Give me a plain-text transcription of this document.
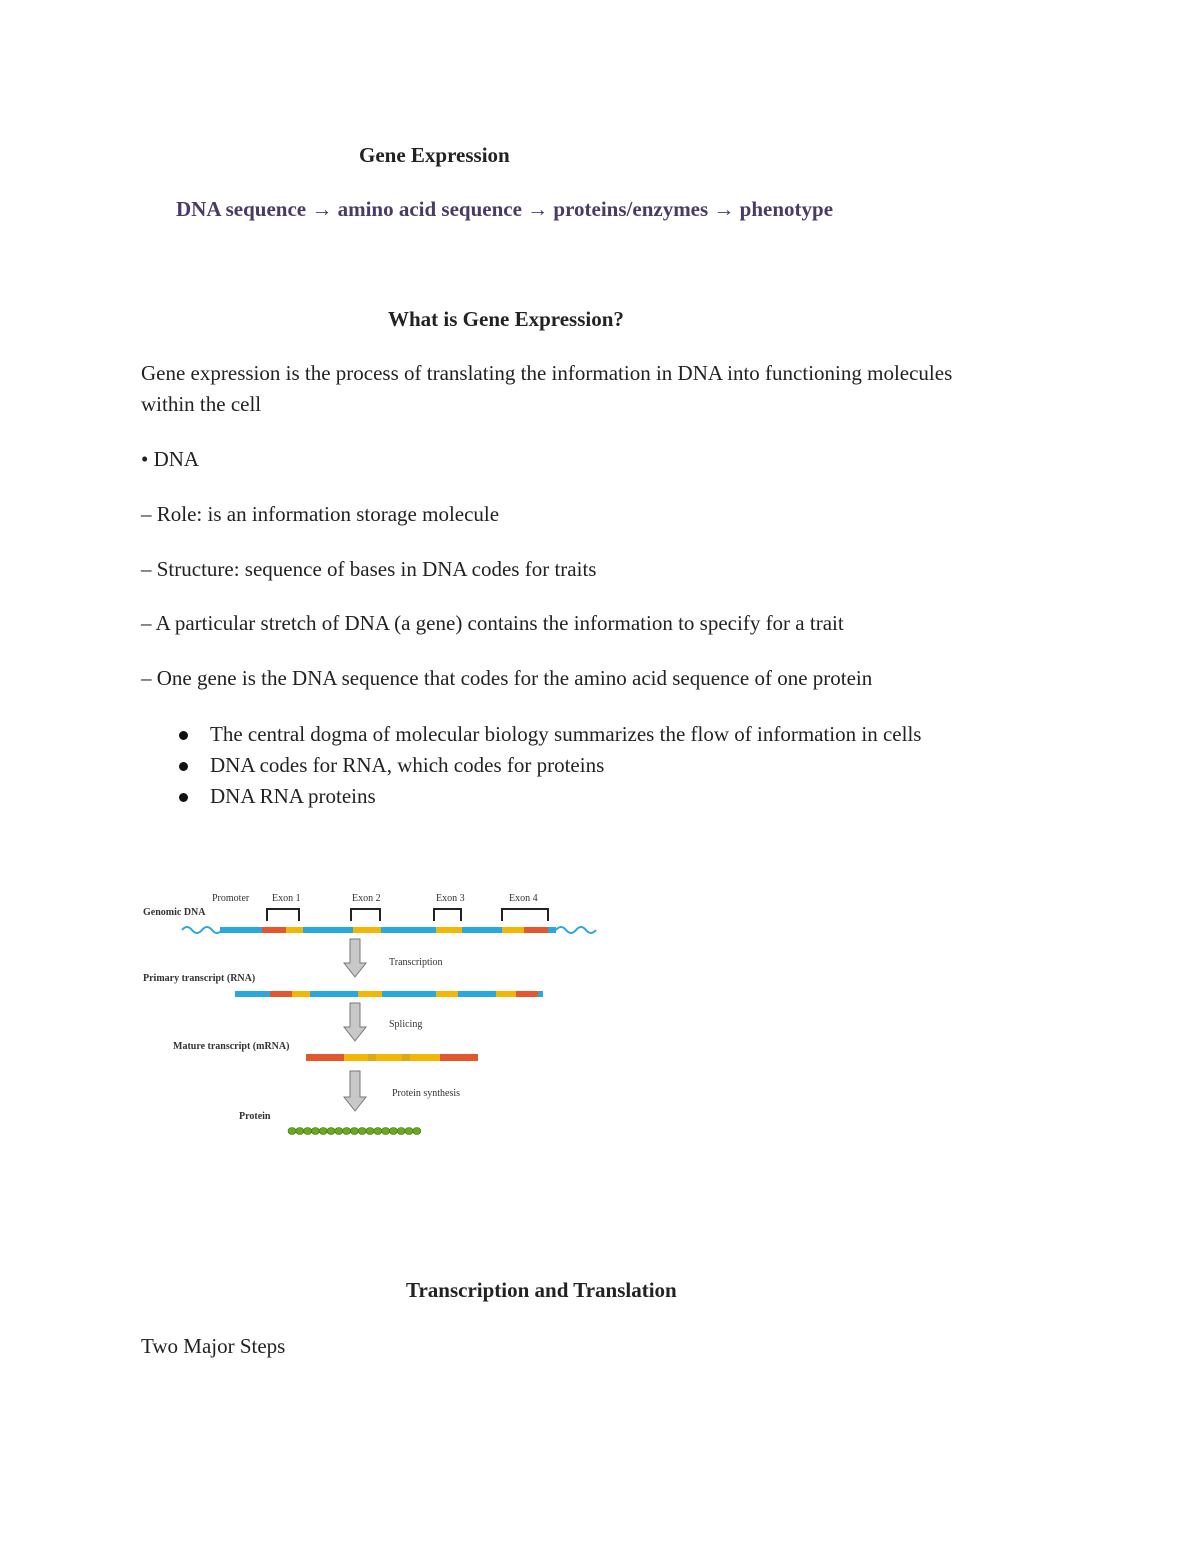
Gene Expression
DNA sequence → amino acid sequence → proteins/enzymes → phenotype
What is Gene Expression?
Gene expression is the process of translating the information in DNA into functioning molecules
within the cell
• DNA
– Role: is an information storage molecule
– Structure: sequence of bases in DNA codes for traits
– A particular stretch of DNA (a gene) contains the information to specify for a trait
– One gene is the DNA sequence that codes for the amino acid sequence of one protein
The central dogma of molecular biology summarizes the flow of information in cells
DNA codes for RNA, which codes for proteins
DNA RNA proteins
Promoter Exon 1	Exon 2	Exon 3	Exon 4
Genomic DNA
Transcription
Primary transcript (RNA)
Splicing
Mature transcript (mRNA)
Protein synthesis
Protein
Transcription and Translation
Two Major Steps
